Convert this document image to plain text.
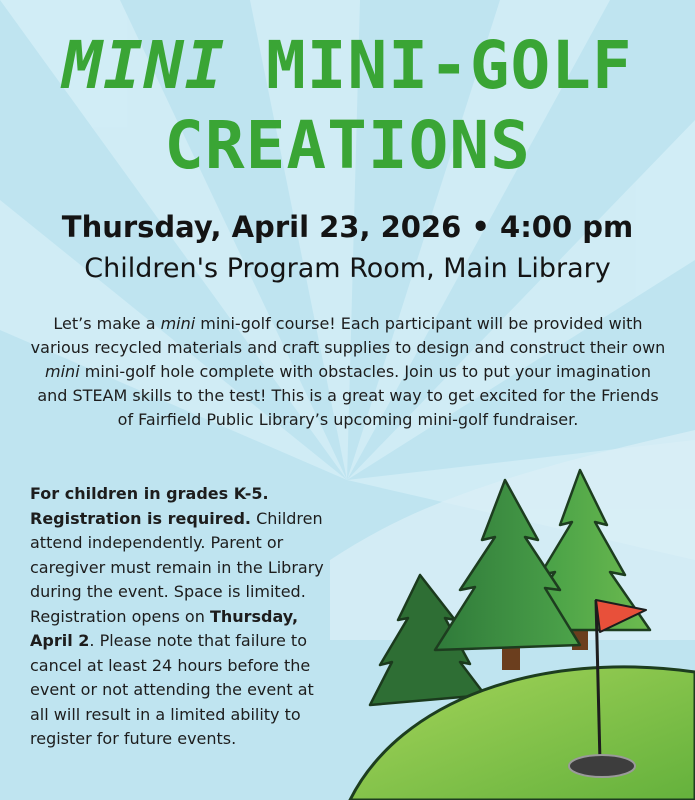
MINI MINI-GOLF
CREATIONS
Thursday, April 23, 2026 • 4:00 pm
Children's Program Room, Main Library
Let’s make a mini mini-golf course! Each participant will be provided with various recycled materials and craft supplies to design and construct their own mini mini-golf hole complete with obstacles. Join us to put your imagination and STEAM skills to the test! This is a great way to get excited for the Friends of Fairfield Public Library’s upcoming mini-golf fundraiser.
For children in grades K-5.
Registration is required. Children attend independently. Parent or caregiver must remain in the Library during the event. Space is limited. Registration opens on Thursday, April 2. Please note that failure to cancel at least 24 hours before the event or not attending the event at all will result in a limited ability to register for future events.
